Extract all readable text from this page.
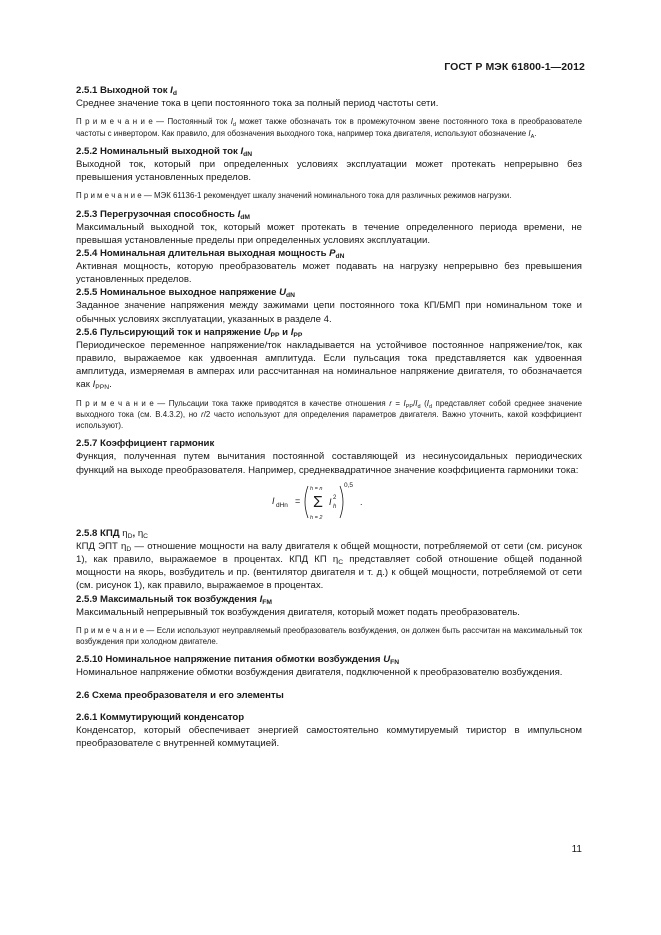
ГОСТ Р МЭК 61800-1—2012
2.5.1 Выходной ток $I_d$
Среднее значение тока в цепи постоянного тока за полный период частоты сети.
П р и м е ч а н и е — Постоянный ток $I_d$ может также обозначать ток в промежуточном звене постоянного тока в преобразователе частоты с инвертором. Как правило, для обозначения выходного тока, например тока двигателя, используют обозначение $I_A$.
2.5.2 Номинальный выходной ток $I_{dN}$
Выходной ток, который при определенных условиях эксплуатации может протекать непрерывно без превышения установленных пределов.
П р и м е ч а н и е — МЭК 61136-1 рекомендует шкалу значений номинального тока для различных режимов нагрузки.
2.5.3 Перегрузочная способность $I_{dM}$
Максимальный выходной ток, который может протекать в течение определенного периода времени, не превышая установленные пределы при определенных условиях эксплуатации.
2.5.4 Номинальная длительная выходная мощность $P_{dN}$
Активная мощность, которую преобразователь может подавать на нагрузку непрерывно без превышения установленных пределов.
2.5.5 Номинальное выходное напряжение $U_{dN}$
Заданное значение напряжения между зажимами цепи постоянного тока КП/БМП при номинальном токе и обычных условиях эксплуатации, указанных в разделе 4.
2.5.6 Пульсирующий ток и напряжение $U_{PP}$ и $I_{PP}$
Периодическое переменное напряжение/ток накладывается на устойчивое постоянное напряжение/ток, как правило, выражаемое как удвоенная амплитуда. Если пульсация тока представляется как удвоенная амплитуда, измеряемая в амперах или рассчитанная на номинальное напряжение двигателя, то обозначается как $I_{PPN}$.
П р и м е ч а н и е — Пульсации тока также приводятся в качестве отношения $r = I_{PP}/I_d$ ($I_d$ представляет собой среднее значение выходного тока (см. В.4.3.2), но r/2 часто используют для определения параметров двигателя. Важно уточнить, какой коэффициент используют).
2.5.7 Коэффициент гармоник
Функция, полученная путем вычитания постоянной составляющей из несинусоидальных периодических функций на выходе преобразователя. Например, среднеквадратичное значение коэффициента гармоники тока:
I dHn =
h = n
Σ
h = 2
I 2
h
0,5
.
2.5.8 КПД $\eta_D$, $\eta_C$
КПД ЭПТ $\eta_D$ — отношение мощности на валу двигателя к общей мощности, потребляемой от сети (см. рисунок 1), как правило, выражаемое в процентах. КПД КП $\eta_C$ представляет собой отношение общей поданной мощности на якорь, возбудитель и пр. (вентилятор двигателя и т. д.) к общей мощности, потребляемой от сети (см. рисунок 1), как правило, выражаемое в процентах.
2.5.9 Максимальный ток возбуждения $I_{FM}$
Максимальный непрерывный ток возбуждения двигателя, который может подать преобразователь.
П р и м е ч а н и е — Если используют неуправляемый преобразователь возбуждения, он должен быть рассчитан на максимальный ток возбуждения при холодном двигателе.
2.5.10 Номинальное напряжение питания обмотки возбуждения $U_{FN}$
Номинальное напряжение обмотки возбуждения двигателя, подключенной к преобразователю возбуждения.
2.6 Схема преобразователя и его элементы
2.6.1 Коммутирующий конденсатор
Конденсатор, который обеспечивает энергией самостоятельно коммутируемый тиристор в импульсном преобразователе с внутренней коммутацией.
11
